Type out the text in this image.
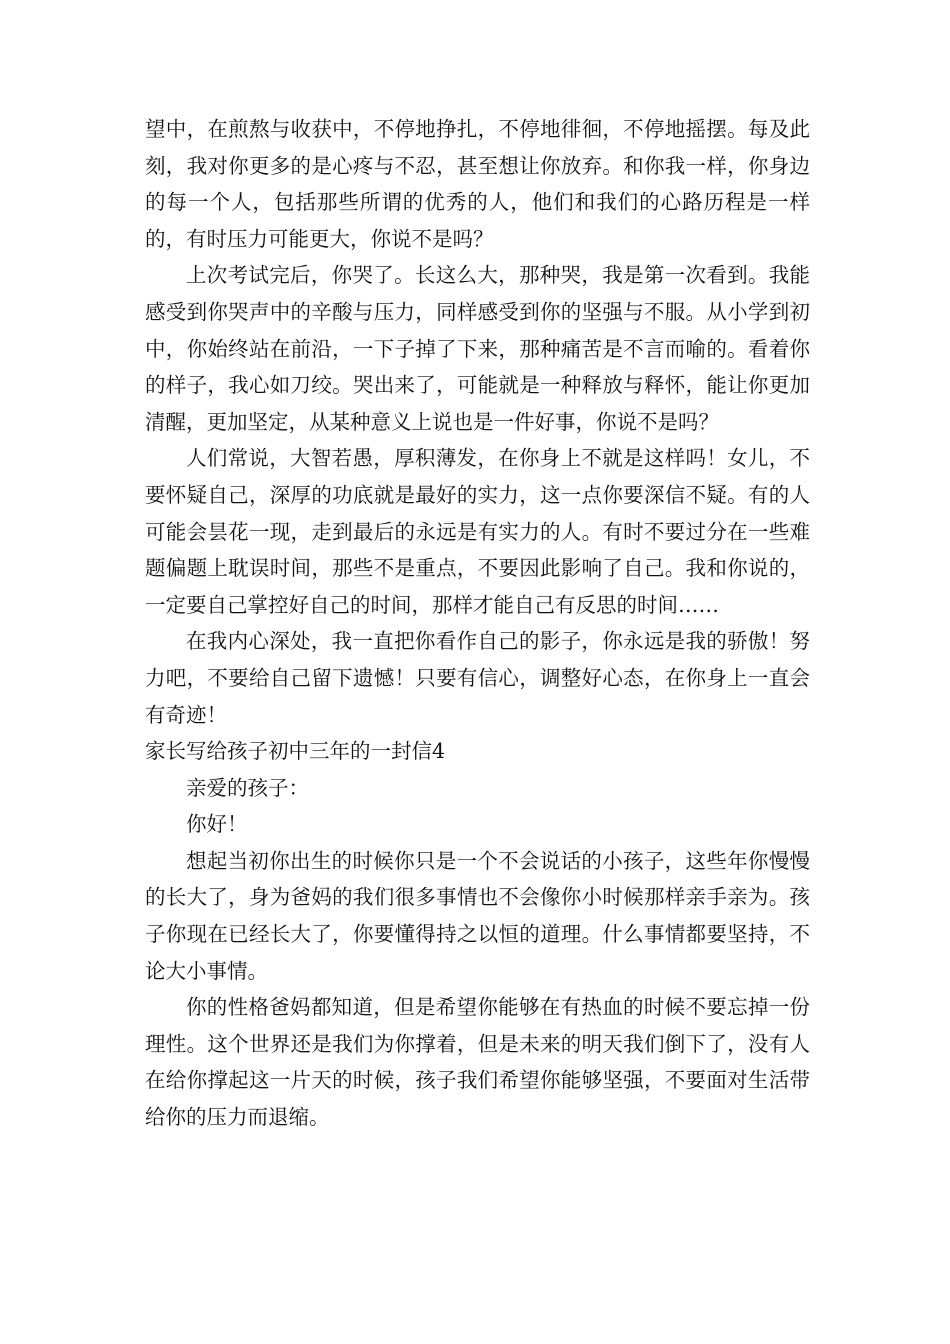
望中，在煎熬与收获中，不停地挣扎，不停地徘徊，不停地摇摆。每及此刻，我对你更多的是心疼与不忍，甚至想让你放弃。和你我一样，你身边的每一个人，包括那些所谓的优秀的人，他们和我们的心路历程是一样的，有时压力可能更大，你说不是吗？

上次考试完后，你哭了。长这么大，那种哭，我是第一次看到。我能感受到你哭声中的辛酸与压力，同样感受到你的坚强与不服。从小学到初中，你始终站在前沿，一下子掉了下来，那种痛苦是不言而喻的。看着你的样子，我心如刀绞。哭出来了，可能就是一种释放与释怀，能让你更加清醒，更加坚定，从某种意义上说也是一件好事，你说不是吗？

人们常说，大智若愚，厚积薄发，在你身上不就是这样吗！女儿，不要怀疑自己，深厚的功底就是最好的实力，这一点你要深信不疑。有的人可能会昙花一现，走到最后的永远是有实力的人。有时不要过分在一些难题偏题上耽误时间，那些不是重点，不要因此影响了自己。我和你说的，一定要自己掌控好自己的时间，那样才能自己有反思的时间……

在我内心深处，我一直把你看作自己的影子，你永远是我的骄傲！努力吧，不要给自己留下遗憾！只要有信心，调整好心态，在你身上一直会有奇迹！

家长写给孩子初中三年的一封信4

亲爱的孩子：

你好！

想起当初你出生的时候你只是一个不会说话的小孩子，这些年你慢慢的长大了，身为爸妈的我们很多事情也不会像你小时候那样亲手亲为。孩子你现在已经长大了，你要懂得持之以恒的道理。什么事情都要坚持，不论大小事情。

你的性格爸妈都知道，但是希望你能够在有热血的时候不要忘掉一份理性。这个世界还是我们为你撑着，但是未来的明天我们倒下了，没有人在给你撑起这一片天的时候，孩子我们希望你能够坚强，不要面对生活带给你的压力而退缩。
